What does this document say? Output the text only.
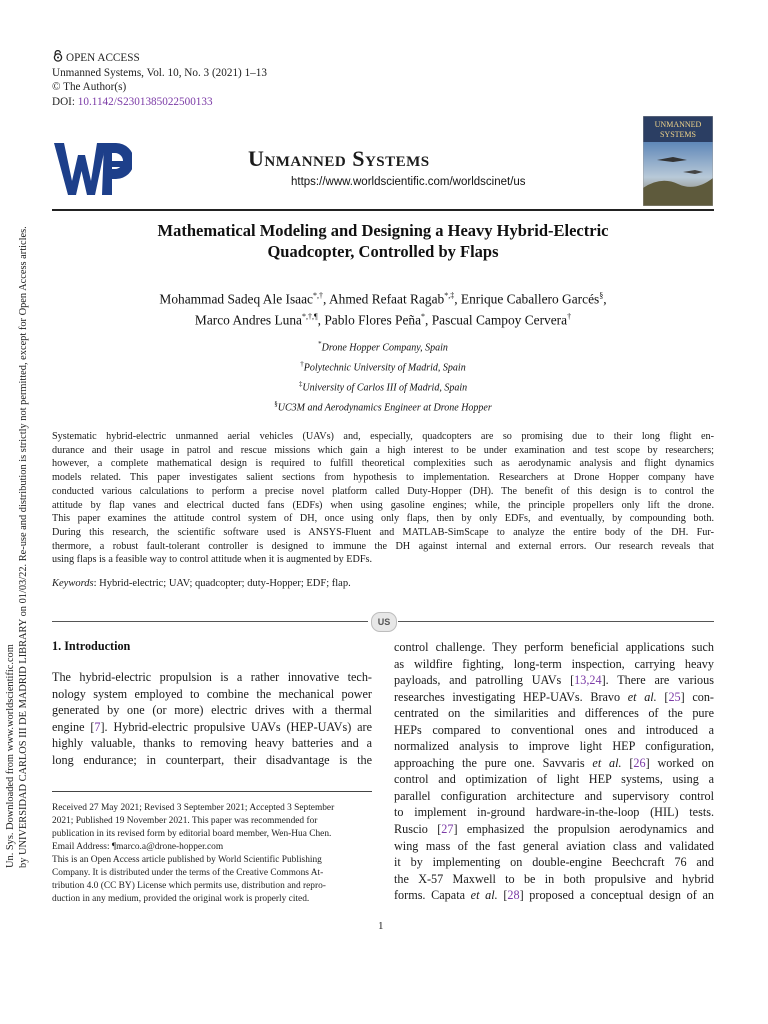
Un. Sys. Downloaded from www.worldscientific.com by UNIVERSIDAD CARLOS III DE MADRID LIBRARY on 01/03/22. Re-use and distribution is strictly not permitted, except for Open Access articles.
OPEN ACCESS
Unmanned Systems, Vol. 10, No. 3 (2021) 1–13
© The Author(s)
DOI: 10.1142/S2301385022500133
Unmanned Systems
https://www.worldscientific.com/worldscinet/us
UNMANNED
SYSTEMS
Mathematical Modeling and Designing a Heavy Hybrid-Electric
Quadcopter, Controlled by Flaps
Mohammad Sadeq Ale Isaac*,†, Ahmed Refaat Ragab*,‡, Enrique Caballero Garcés§,
Marco Andres Luna*,†,¶, Pablo Flores Peña*, Pascual Campoy Cervera†
*Drone Hopper Company, Spain
†Polytechnic University of Madrid, Spain
‡University of Carlos III of Madrid, Spain
§UC3M and Aerodynamics Engineer at Drone Hopper
Systematic hybrid-electric unmanned aerial vehicles (UAVs) and, especially, quadcopters are so promising due to their long flight en-
durance and their usage in patrol and rescue missions which gain a high interest to be under examination and test scope by researchers;
however, a complete mathematical design is required to fulfill theoretical complexities such as aerodynamic analysis and flight dynamics
models related. This paper investigates salient sections from hypothesis to implementation. Researchers at Drone Hopper company have
conducted various calculations to perform a precise novel platform called Duty-Hopper (DH). The benefit of this design is to control the
attitude by flap vanes and electrical ducted fans (EDFs) when using gasoline engines; while, the principle propellers only lift the drone.
This paper examines the attitude control system of DH, once using only flaps, then by only EDFs, and eventually, by compounding both.
During this research, the scientific software used is ANSYS-Fluent and MATLAB-SimScape to analyze the entire body of the DH. Fur-
thermore, a robust fault-tolerant controller is designed to immune the DH against internal and external errors. Our research reveals that
using flaps is a feasible way to control attitude when it is augmented by EDFs.
Keywords: Hybrid-electric; UAV; quadcopter; duty-Hopper; EDF; flap.
US
1. Introduction
The hybrid-electric propulsion is a rather innovative tech-
nology system employed to combine the mechanical power
generated by one (or more) electric drives with a thermal
engine [7]. Hybrid-electric propulsive UAVs (HEP-UAVs) are
highly valuable, thanks to removing heavy batteries and a
long endurance; in counterpart, their disadvantage is the
Received 27 May 2021; Revised 3 September 2021; Accepted 3 September
2021; Published 19 November 2021. This paper was recommended for
publication in its revised form by editorial board member, Wen-Hua Chen.
Email Address: ¶marco.a@drone-hopper.com
This is an Open Access article published by World Scientific Publishing
Company. It is distributed under the terms of the Creative Commons At-
tribution 4.0 (CC BY) License which permits use, distribution and repro-
duction in any medium, provided the original work is properly cited.
control challenge. They perform beneficial applications such
as wildfire fighting, long-term inspection, carrying heavy
payloads, and patrolling UAVs [13,24]. There are various
researches investigating HEP-UAVs. Bravo et al. [25] con-
centrated on the similarities and differences of the pure
HEPs compared to conventional ones and introduced a
normalized analysis to improve light HEP configuration,
approaching the pure one. Savvaris et al. [26] worked on
control and optimization of light HEP systems, using a
parallel configuration architecture and supervisory control
to implement in-ground hardware-in-the-loop (HIL) tests.
Ruscio [27] emphasized the propulsion aerodynamics and
wing mass of the fast general aviation class and validated
it by implementing on double-engine Beechcraft 76 and
the X-57 Maxwell to be in both propulsive and hybrid
forms. Capata et al. [28] proposed a conceptual design of an
1
